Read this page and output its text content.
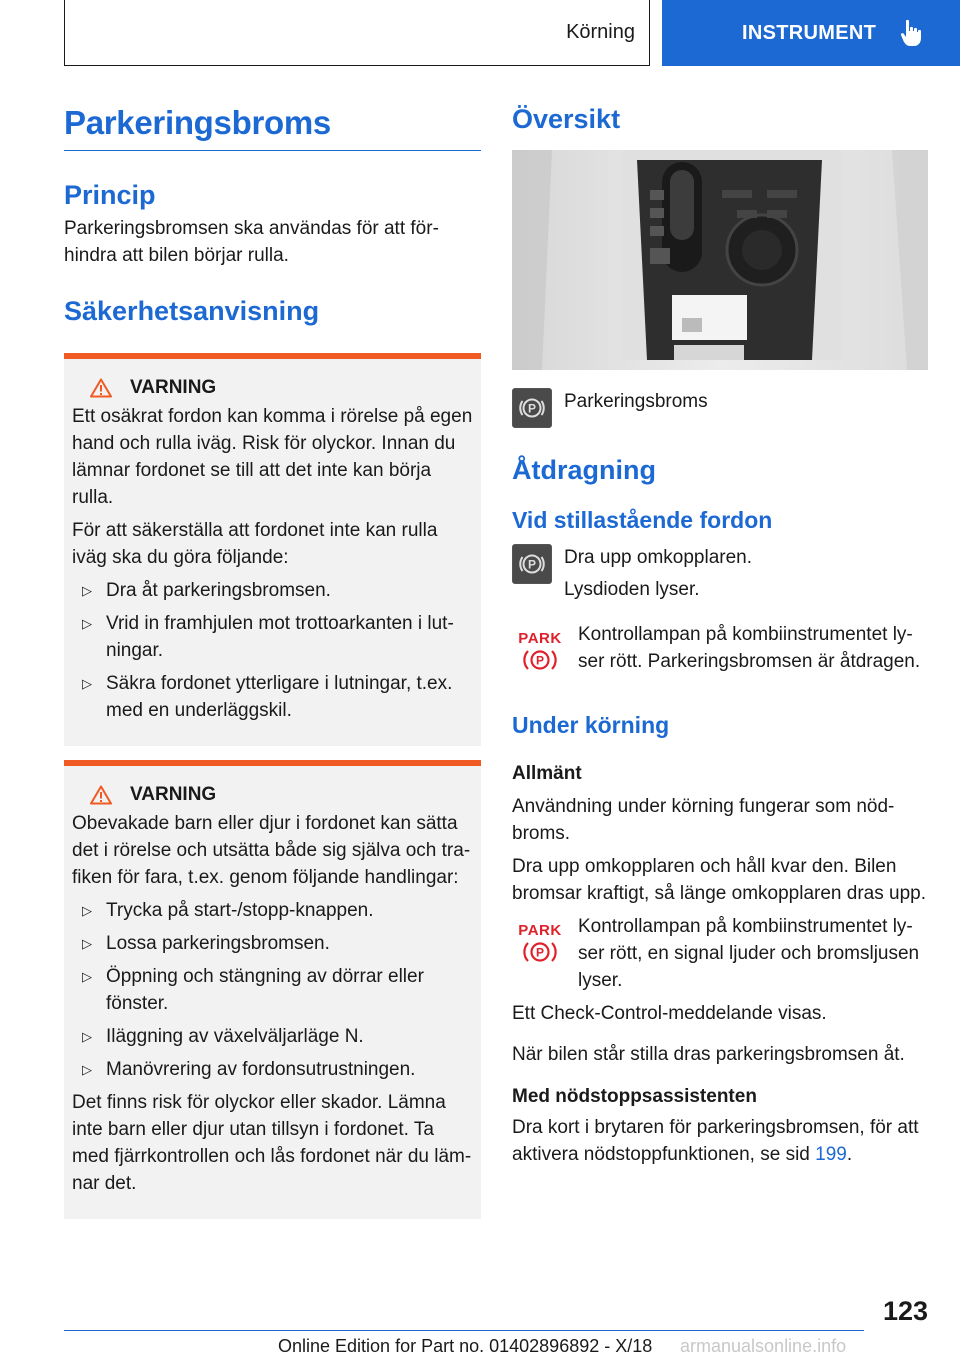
Körning	INSTRUMENT
Parkeringsbroms
Princip

Parkeringsbromsen ska användas för att för-hindra att bilen börjar rulla.

Säkerhetsanvisning
VARNING

Ett osäkrat fordon kan komma i rörelse på egen hand och rulla iväg. Risk för olyckor. Innan du lämnar fordonet se till att det inte kan börja rulla.

För att säkerställa att fordonet inte kan rulla iväg ska du göra följande:

▷ Dra åt parkeringsbromsen.
▷ Vrid in framhjulen mot trottoarkanten i lut-ningar.
▷ Säkra fordonet ytterligare i lutningar, t.ex. med en underläggskil.
VARNING

Obevakade barn eller djur i fordonet kan sätta det i rörelse och utsätta både sig själva och tra-fiken för fara, t.ex. genom följande handlingar:

▷ Trycka på start-/stopp-knappen.
▷ Lossa parkeringsbromsen.
▷ Öppning och stängning av dörrar eller fönster.
▷ Iläggning av växelväljarläge N.
▷ Manövrering av fordonsutrustningen.

Det finns risk för olyckor eller skador. Lämna inte barn eller djur utan tillsyn i fordonet. Ta med fjärrkontrollen och lås fordonet när du läm-nar det.

Översikt
P Parkeringsbroms

Åtdragning
Vid stillastående fordon
P Dra upp omkopplaren.

Lysdioden lyser.

PARK
P

Kontrollampan på kombiinstrumentet ly-ser rött. Parkeringsbromsen är åtdragen.

Under körning
Allmänt

Användning under körning fungerar som nöd-broms.

Dra upp omkopplaren och håll kvar den. Bilen bromsar kraftigt, så länge omkopplaren dras upp.

PARK
P

Kontrollampan på kombiinstrumentet ly-ser rött, en signal ljuder och bromsljusen lyser.

Ett Check-Control-meddelande visas.

När bilen står stilla dras parkeringsbromsen åt.

Med nödstoppsassistenten

Dra kort i brytaren för parkeringsbromsen, för att aktivera nödstoppfunktionen, se sid 199.

123
Online Edition for Part no. 01402896892 - X/18 armanualsonline.info
